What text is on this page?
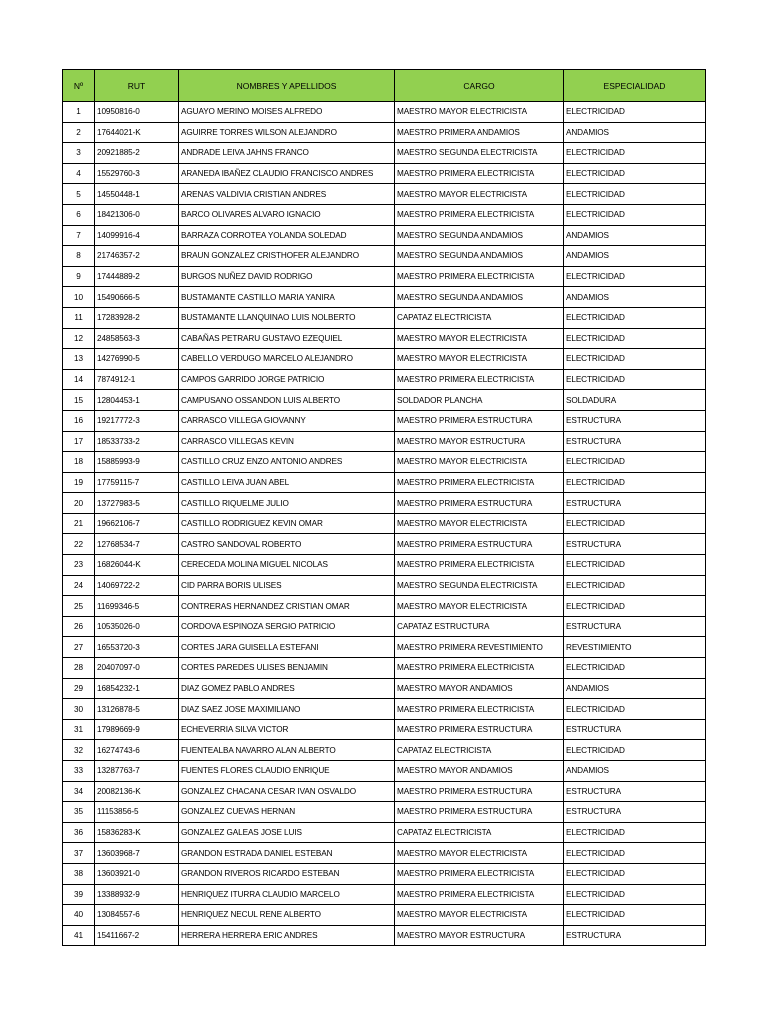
Nº	RUT	NOMBRES Y APELLIDOS	CARGO	ESPECIALIDAD
1	10950816-0	AGUAYO MERINO MOISES ALFREDO	MAESTRO MAYOR ELECTRICISTA	ELECTRICIDAD
2	17644021-K	AGUIRRE TORRES WILSON ALEJANDRO	MAESTRO PRIMERA ANDAMIOS	ANDAMIOS
3	20921885-2	ANDRADE LEIVA JAHNS FRANCO	MAESTRO SEGUNDA ELECTRICISTA	ELECTRICIDAD
4	15529760-3	ARANEDA IBAÑEZ CLAUDIO FRANCISCO ANDRES	MAESTRO PRIMERA ELECTRICISTA	ELECTRICIDAD
5	14550448-1	ARENAS VALDIVIA CRISTIAN ANDRES	MAESTRO MAYOR ELECTRICISTA	ELECTRICIDAD
6	18421306-0	BARCO OLIVARES ALVARO IGNACIO	MAESTRO PRIMERA ELECTRICISTA	ELECTRICIDAD
7	14099916-4	BARRAZA CORROTEA YOLANDA SOLEDAD	MAESTRO SEGUNDA ANDAMIOS	ANDAMIOS
8	21746357-2	BRAUN GONZALEZ CRISTHOFER ALEJANDRO	MAESTRO SEGUNDA ANDAMIOS	ANDAMIOS
9	17444889-2	BURGOS NUÑEZ DAVID RODRIGO	MAESTRO PRIMERA ELECTRICISTA	ELECTRICIDAD
10	15490666-5	BUSTAMANTE CASTILLO MARIA YANIRA	MAESTRO SEGUNDA ANDAMIOS	ANDAMIOS
11	17283928-2	BUSTAMANTE LLANQUINAO LUIS NOLBERTO	CAPATAZ ELECTRICISTA	ELECTRICIDAD
12	24858563-3	CABAÑAS PETRARU GUSTAVO EZEQUIEL	MAESTRO MAYOR ELECTRICISTA	ELECTRICIDAD
13	14276990-5	CABELLO VERDUGO MARCELO ALEJANDRO	MAESTRO MAYOR ELECTRICISTA	ELECTRICIDAD
14	7874912-1	CAMPOS GARRIDO JORGE PATRICIO	MAESTRO PRIMERA ELECTRICISTA	ELECTRICIDAD
15	12804453-1	CAMPUSANO OSSANDON LUIS ALBERTO	SOLDADOR PLANCHA	SOLDADURA
16	19217772-3	CARRASCO VILLEGA GIOVANNY	MAESTRO PRIMERA ESTRUCTURA	ESTRUCTURA
17	18533733-2	CARRASCO VILLEGAS KEVIN	MAESTRO MAYOR ESTRUCTURA	ESTRUCTURA
18	15885993-9	CASTILLO CRUZ ENZO ANTONIO ANDRES	MAESTRO MAYOR ELECTRICISTA	ELECTRICIDAD
19	17759115-7	CASTILLO LEIVA JUAN ABEL	MAESTRO PRIMERA ELECTRICISTA	ELECTRICIDAD
20	13727983-5	CASTILLO RIQUELME JULIO	MAESTRO PRIMERA ESTRUCTURA	ESTRUCTURA
21	19662106-7	CASTILLO RODRIGUEZ KEVIN OMAR	MAESTRO MAYOR ELECTRICISTA	ELECTRICIDAD
22	12768534-7	CASTRO SANDOVAL ROBERTO	MAESTRO PRIMERA ESTRUCTURA	ESTRUCTURA
23	16826044-K	CERECEDA MOLINA MIGUEL NICOLAS	MAESTRO PRIMERA ELECTRICISTA	ELECTRICIDAD
24	14069722-2	CID PARRA BORIS ULISES	MAESTRO SEGUNDA ELECTRICISTA	ELECTRICIDAD
25	11699346-5	CONTRERAS HERNANDEZ CRISTIAN OMAR	MAESTRO MAYOR ELECTRICISTA	ELECTRICIDAD
26	10535026-0	CORDOVA ESPINOZA SERGIO PATRICIO	CAPATAZ ESTRUCTURA	ESTRUCTURA
27	16553720-3	CORTES JARA GUISELLA ESTEFANI	MAESTRO PRIMERA REVESTIMIENTO	REVESTIMIENTO
28	20407097-0	CORTES PAREDES ULISES BENJAMIN	MAESTRO PRIMERA ELECTRICISTA	ELECTRICIDAD
29	16854232-1	DIAZ GOMEZ PABLO ANDRES	MAESTRO MAYOR ANDAMIOS	ANDAMIOS
30	13126878-5	DIAZ SAEZ JOSE MAXIMILIANO	MAESTRO PRIMERA ELECTRICISTA	ELECTRICIDAD
31	17989669-9	ECHEVERRIA SILVA VICTOR	MAESTRO PRIMERA ESTRUCTURA	ESTRUCTURA
32	16274743-6	FUENTEALBA NAVARRO ALAN ALBERTO	CAPATAZ ELECTRICISTA	ELECTRICIDAD
33	13287763-7	FUENTES FLORES CLAUDIO ENRIQUE	MAESTRO MAYOR ANDAMIOS	ANDAMIOS
34	20082136-K	GONZALEZ CHACANA CESAR IVAN OSVALDO	MAESTRO PRIMERA ESTRUCTURA	ESTRUCTURA
35	11153856-5	GONZALEZ CUEVAS HERNAN	MAESTRO PRIMERA ESTRUCTURA	ESTRUCTURA
36	15836283-K	GONZALEZ GALEAS JOSE LUIS	CAPATAZ ELECTRICISTA	ELECTRICIDAD
37	13603968-7	GRANDON ESTRADA DANIEL ESTEBAN	MAESTRO MAYOR ELECTRICISTA	ELECTRICIDAD
38	13603921-0	GRANDON RIVEROS RICARDO ESTEBAN	MAESTRO PRIMERA ELECTRICISTA	ELECTRICIDAD
39	13388932-9	HENRIQUEZ ITURRA CLAUDIO MARCELO	MAESTRO PRIMERA ELECTRICISTA	ELECTRICIDAD
40	13084557-6	HENRIQUEZ NECUL RENE ALBERTO	MAESTRO MAYOR ELECTRICISTA	ELECTRICIDAD
41	15411667-2	HERRERA HERRERA ERIC ANDRES	MAESTRO MAYOR ESTRUCTURA	ESTRUCTURA
